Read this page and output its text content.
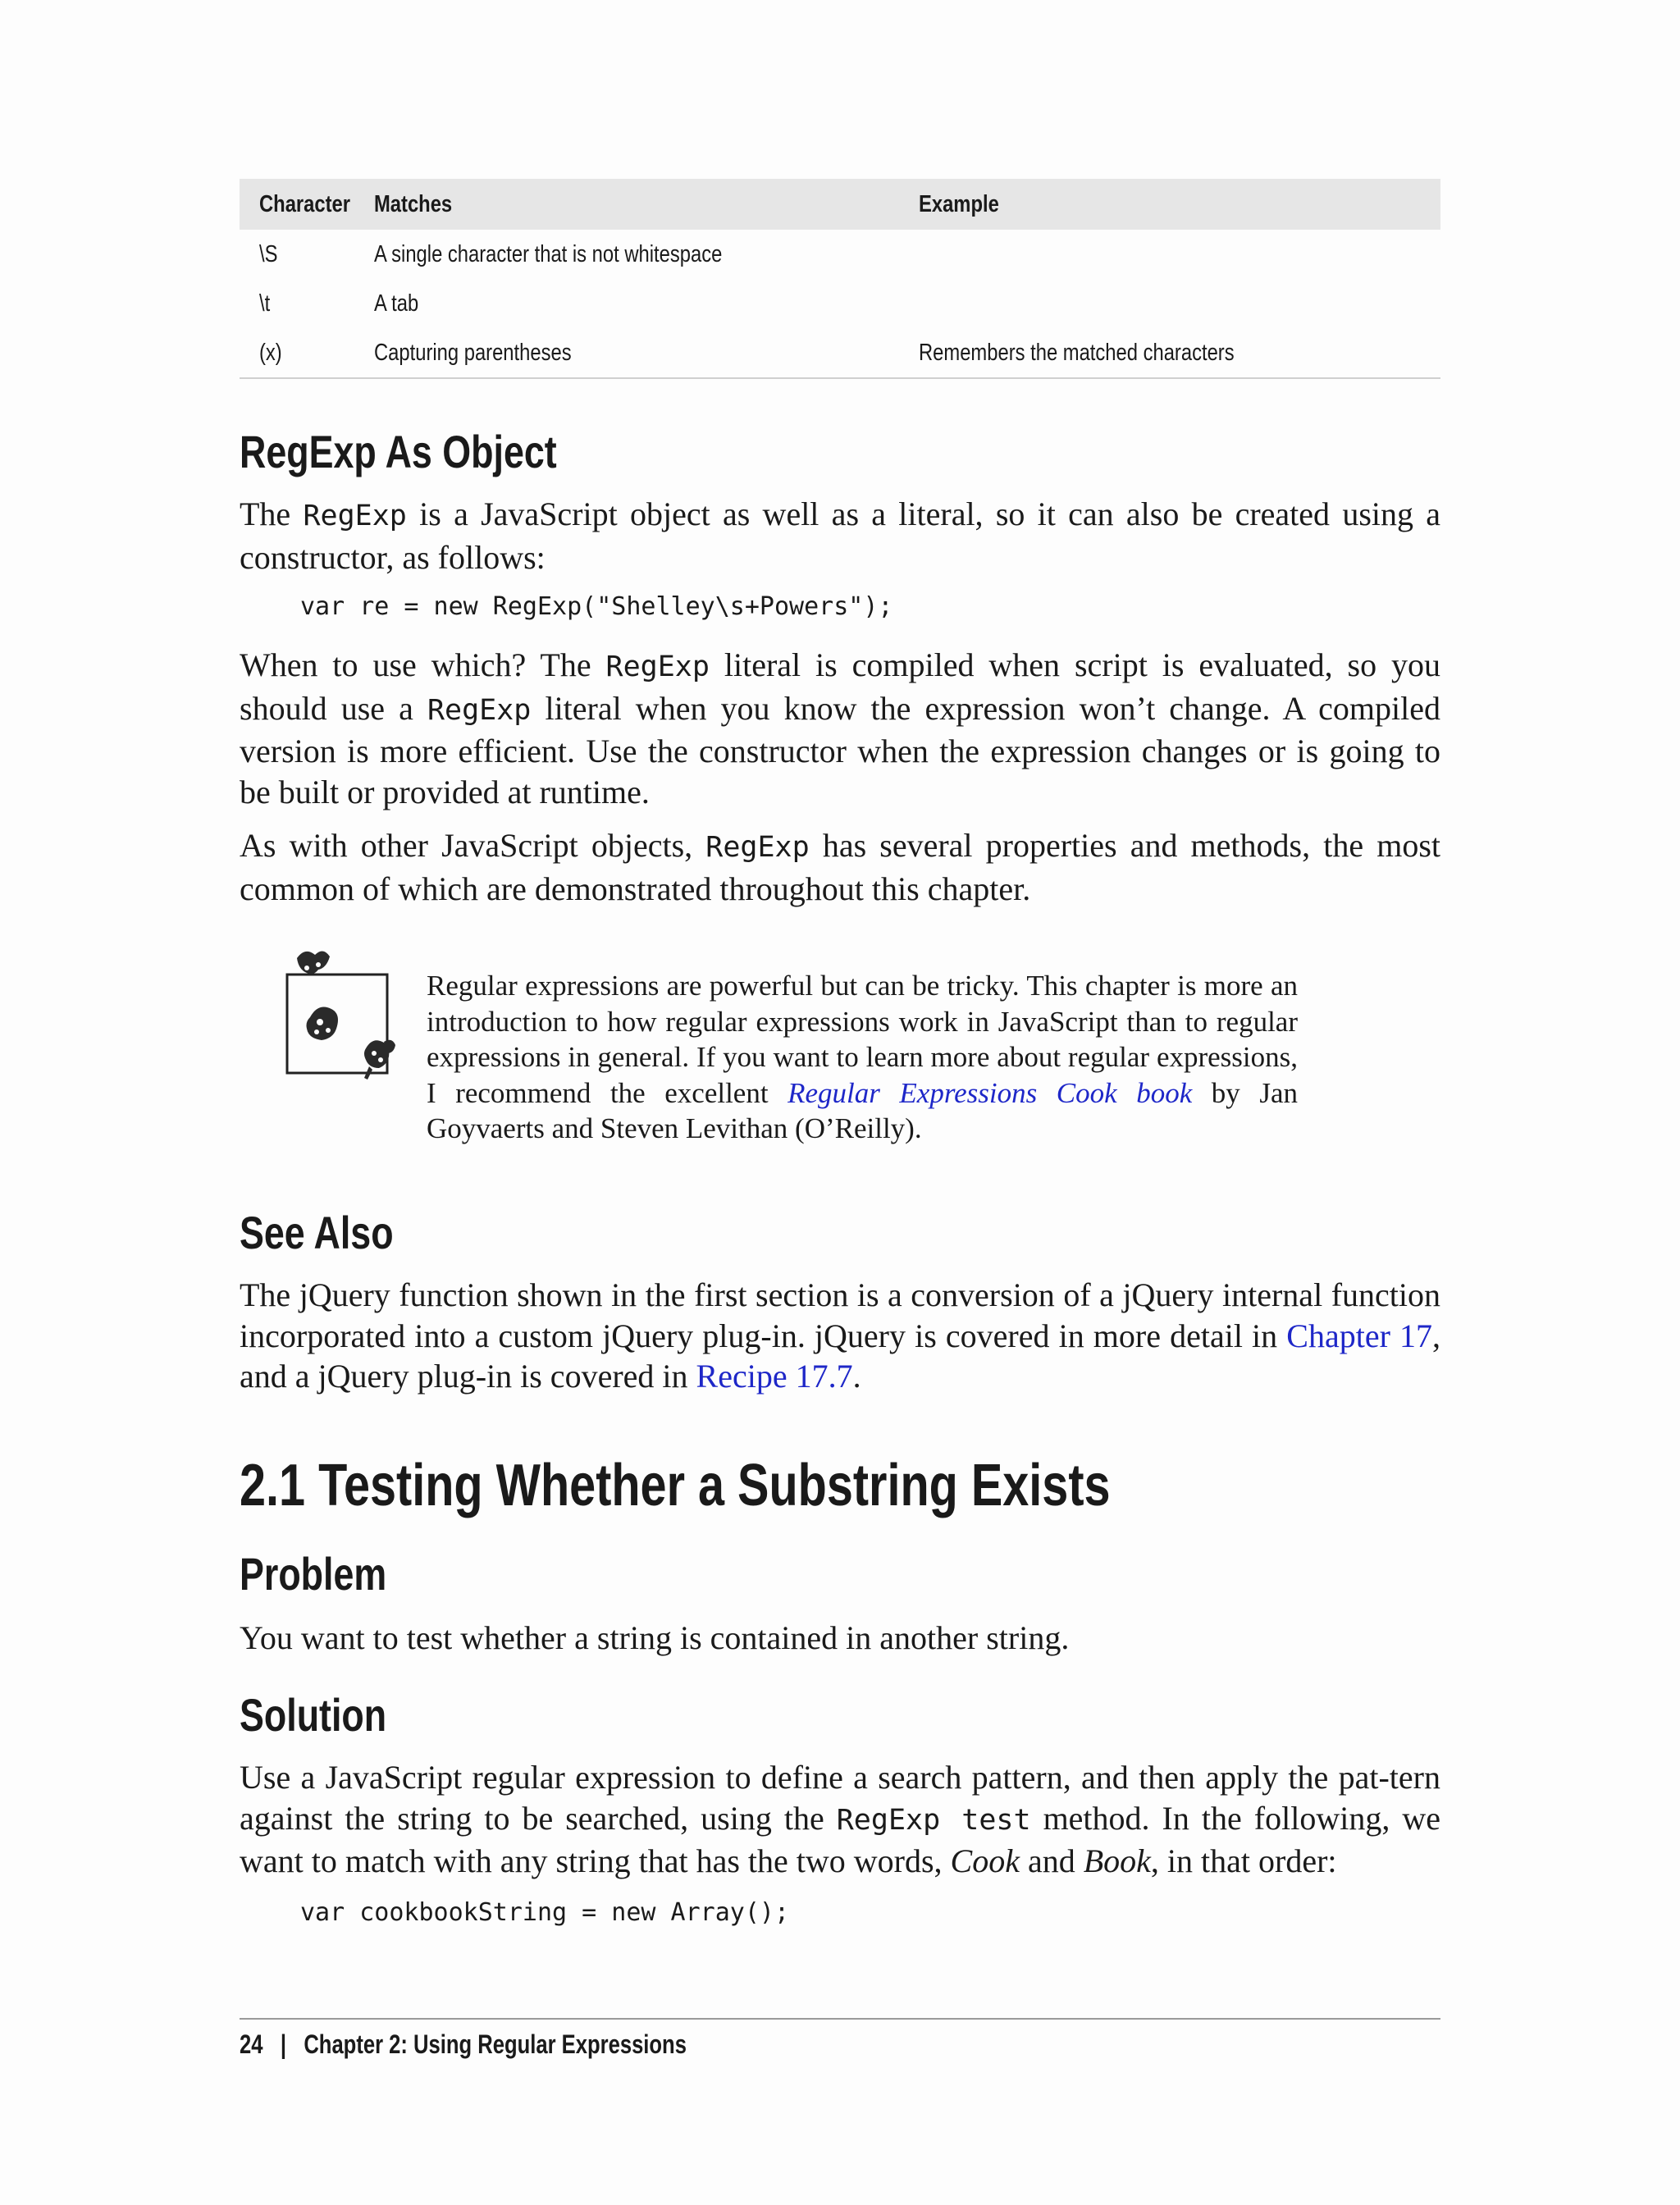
Character	Matches	Example
\S	A single character that is not whitespace	
\t	A tab	
(x)	Capturing parentheses	Remembers the matched characters
RegExp As Object

The RegExp is a JavaScript object as well as a literal, so it can also be created using a constructor, as follows:

var re = new RegExp("Shelley\s+Powers");

When to use which? The RegExp literal is compiled when script is evaluated, so you should use a RegExp literal when you know the expression won’t change. A compiled version is more efficient. Use the constructor when the expression changes or is going to be built or provided at runtime.

As with other JavaScript objects, RegExp has several properties and methods, the most common of which are demonstrated throughout this chapter.

Regular expressions are powerful but can be tricky. This chapter is more an introduction to how regular expressions work in JavaScript than to regular expressions in general. If you want to learn more about regular expressions, I recommend the excellent Regular Expressions Cook book by Jan Goyvaerts and Steven Levithan (O’Reilly).

See Also

The jQuery function shown in the first section is a conversion of a jQuery internal function incorporated into a custom jQuery plug-in. jQuery is covered in more detail in Chapter 17, and a jQuery plug-in is covered in Recipe 17.7.

2.1 Testing Whether a Substring Exists
Problem

You want to test whether a string is contained in another string.

Solution

Use a JavaScript regular expression to define a search pattern, and then apply the pat-tern against the string to be searched, using the RegExp test method. In the following, we want to match with any string that has the two words, Cook and Book, in that order:

var cookbookString = new Array();
24 | Chapter 2: Using Regular Expressions
